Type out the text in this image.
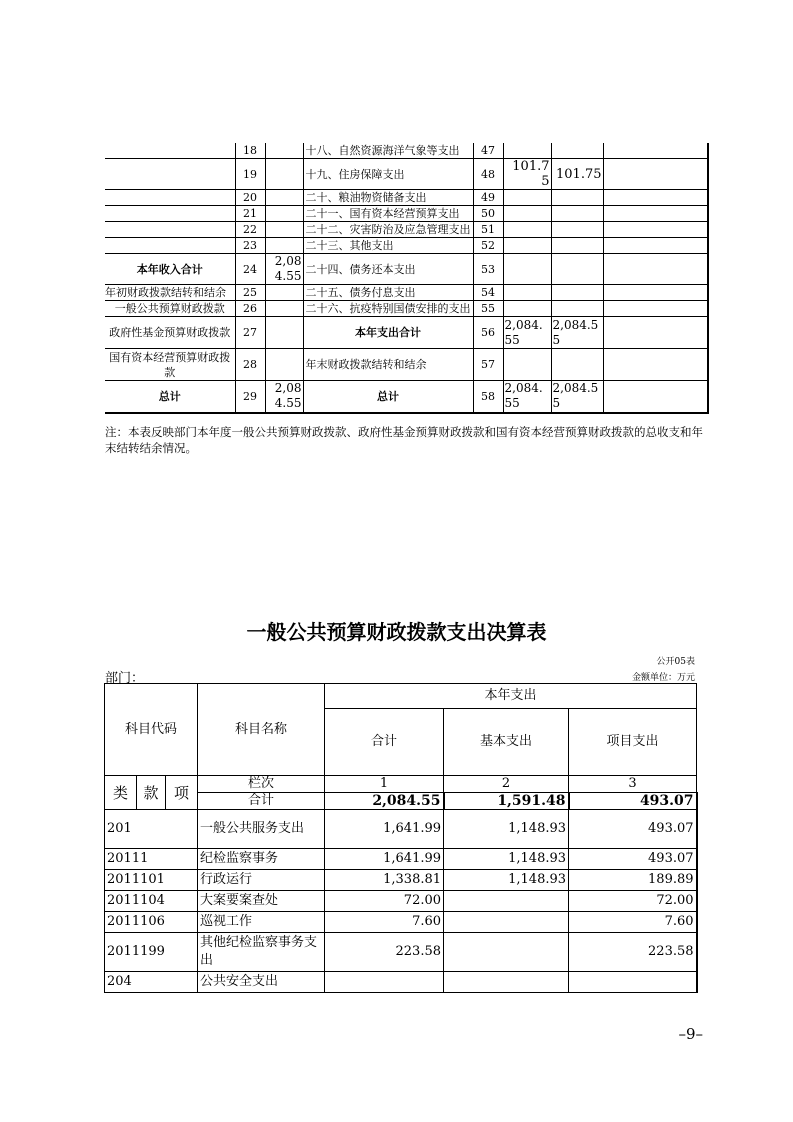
	18		十八、自然资源海洋气象等支出	47			
	19		十九、住房保障支出	48	101.75	101.75	
	20		二十、粮油物资储备支出	49			
	21		二十一、国有资本经营预算支出	50			
	22		二十二、灾害防治及应急管理支出	51			
	23		二十三、其他支出	52			
本年收入合计	24	2,084.55	二十四、债务还本支出	53			
年初财政拨款结转和结余	25		二十五、债务付息支出	54			
一般公共预算财政拨款	26		二十六、抗疫特别国债安排的支出	55			
政府性基金预算财政拨款	27		本年支出合计	56	2,084.55	2,084.55	
国有资本经营预算财政拨款	28		年末财政拨款结转和结余	57			
总计	29	2,084.55	总计	58	2,084.55	2,084.55	

注：本表反映部门本年度一般公共预算财政拨款、政府性基金预算财政拨款和国有资本经营预算财政拨款的总收支和年末结转结余情况。

一般公共预算财政拨款支出决算表
公开05表
部门：	金额单位：万元
科目代码			科目名称	本年支出		
				合计	基本支出	项目支出
类	款	项	栏次	1	2	3
			合计	2,084.55	1,591.48	493.07
201			一般公共服务支出	1,641.99	1,148.93	493.07
20111			纪检监察事务	1,641.99	1,148.93	493.07
2011101			行政运行	1,338.81	1,148.93	189.89
2011104			大案要案查处	72.00		72.00
2011106			巡视工作	7.60		7.60
2011199			其他纪检监察事务支出	223.58		223.58
204			公共安全支出			
–9–
